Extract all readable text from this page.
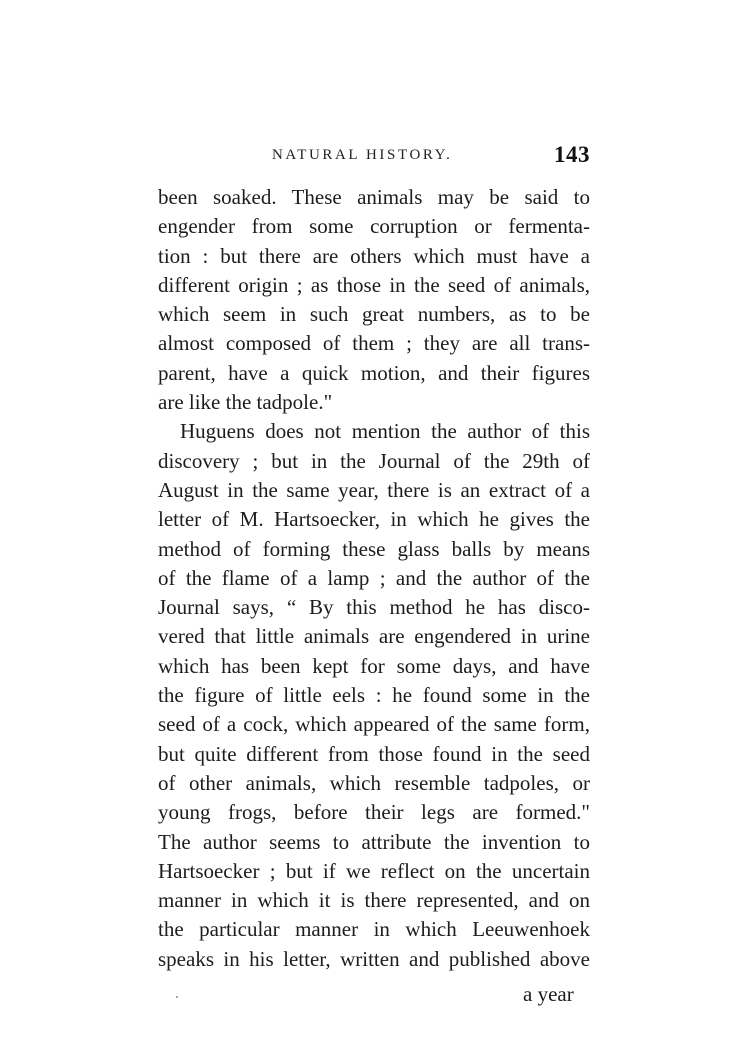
NATURAL HISTORY.	143
been soaked. These animals may be said to
engender from some corruption or fermenta-
tion : but there are others which must have a
different origin ; as those in the seed of animals,
which seem in such great numbers, as to be
almost composed of them ; they are all trans-
parent, have a quick motion, and their figures
are like the tadpole."
Huguens does not mention the author of this
discovery ; but in the Journal of the 29th of
August in the same year, there is an extract of a
letter of M. Hartsoecker, in which he gives the
method of forming these glass balls by means
of the flame of a lamp ; and the author of the
Journal says, “ By this method he has disco-
vered that little animals are engendered in urine
which has been kept for some days, and have
the figure of little eels : he found some in the
seed of a cock, which appeared of the same form,
but quite different from those found in the seed
of other animals, which resemble tadpoles, or
young frogs, before their legs are formed."
The author seems to attribute the invention to
Hartsoecker ; but if we reflect on the uncertain
manner in which it is there represented, and on
the particular manner in which Leeuwenhoek
speaks in his letter, written and published above
a year
